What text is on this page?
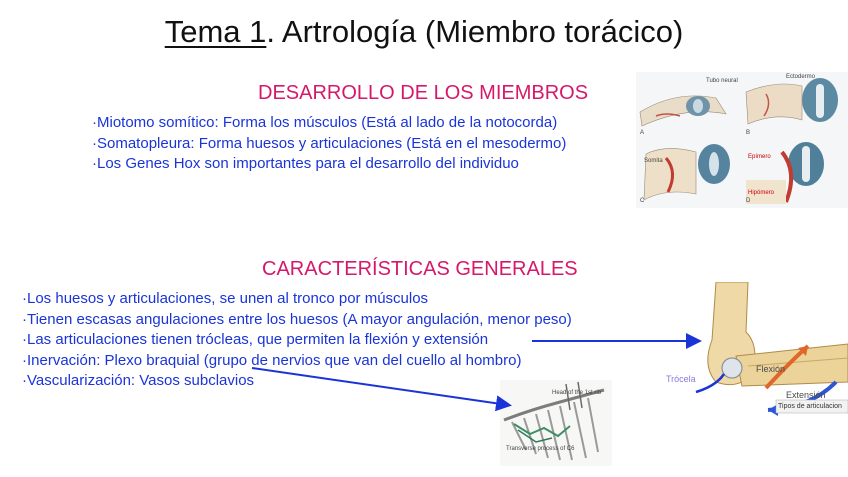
Tema 1. Artrología (Miembro torácico)
DESARROLLO DE LOS MIEMBROS
·Miotomo somítico: Forma los músculos (Está al lado de la notocorda)
·Somatopleura: Forma huesos y articulaciones (Está en el mesodermo)
·Los Genes Hox son importantes para el desarrollo del individuo
CARACTERÍSTICAS GENERALES
·Los huesos y articulaciones, se unen al tronco por músculos
·Tienen escasas angulaciones entre los huesos (A mayor angulación, menor peso)
·Las articulaciones tienen trócleas, que permiten la flexión y extensión
·Inervación: Plexo braquial (grupo de nervios que van del cuello al hombro)
·Vascularización: Vasos subclavios
Tubo neural
Ectodermo
Somita
Epímero
Hipómero
A	B
C	D
Head of the 1st rib
Transverse process of C6
Trócela
Flexión
Extensión
Tipos de articulacion
